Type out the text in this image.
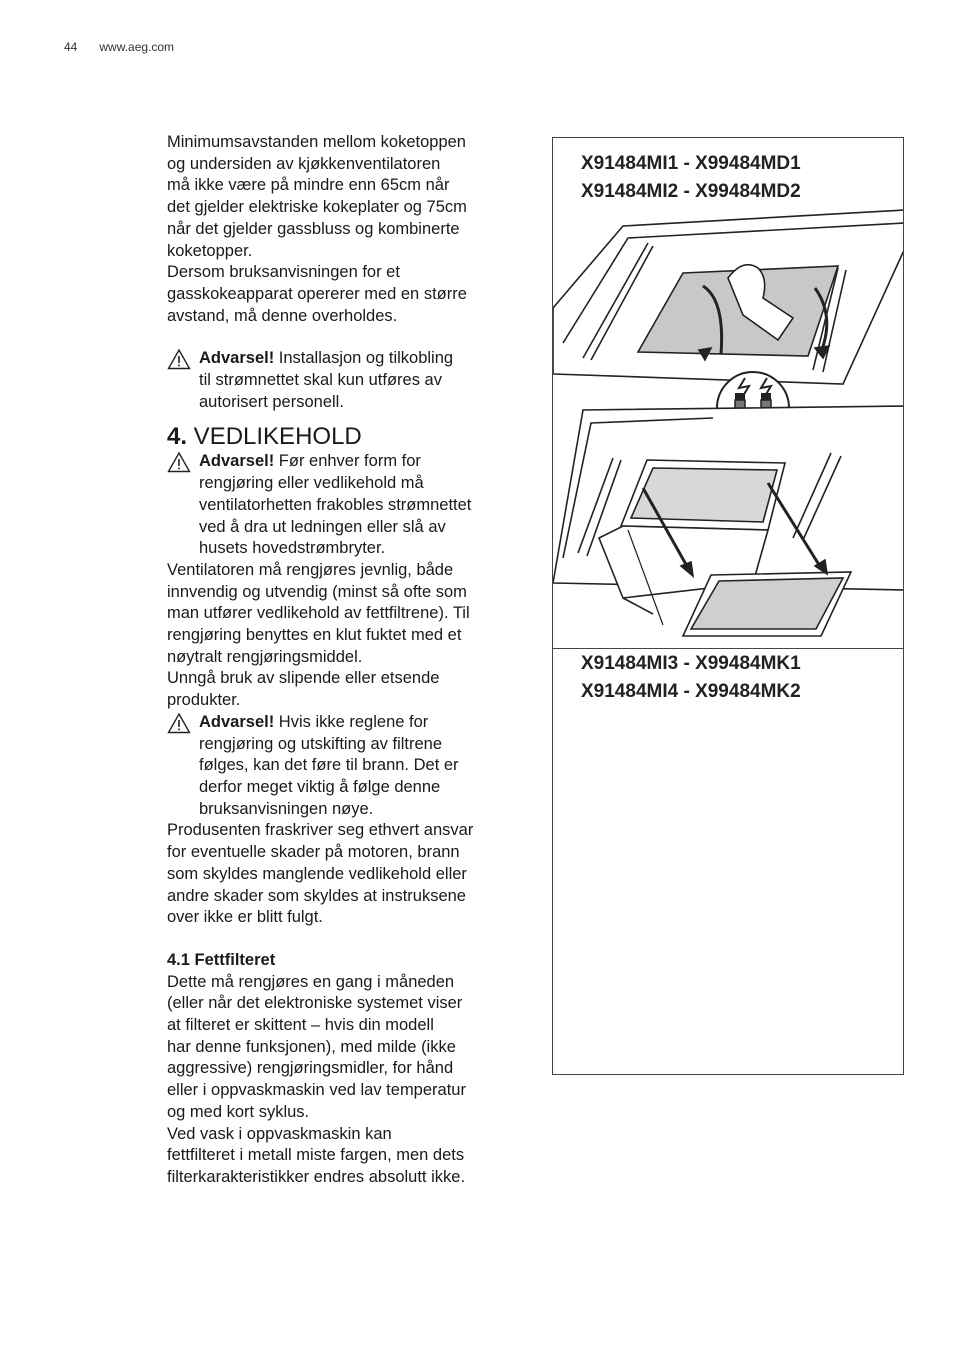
44 www.aeg.com

Minimumsavstanden mellom koketoppen

og undersiden av kjøkkenventilatoren

må ikke være på mindre enn 65cm når

det gjelder elektriske kokeplater og 75cm

når det gjelder gassbluss og kombinerte

koketopper.

Dersom bruksanvisningen for et

gasskokeapparat opererer med en større

avstand, må denne overholdes.

Advarsel! Installasjon og tilkobling

til strømnettet skal kun utføres av

autorisert personell.

4. VEDLIKEHOLD

Advarsel! Før enhver form for

rengjøring eller vedlikehold må

ventilatorhetten frakobles strømnettet

ved å dra ut ledningen eller slå av

husets hovedstrømbryter.

Ventilatoren må rengjøres jevnlig, både

innvendig og utvendig (minst så ofte som

man utfører vedlikehold av fettfiltrene). Til

rengjøring benyttes en klut fuktet med et

nøytralt rengjøringsmiddel.

Unngå bruk av slipende eller etsende

produkter.

Advarsel! Hvis ikke reglene for

rengjøring og utskifting av filtrene

følges, kan det føre til brann. Det er

derfor meget viktig å følge denne

bruksanvisningen nøye.

Produsenten fraskriver seg ethvert ansvar

for eventuelle skader på motoren, brann

som skyldes manglende vedlikehold eller

andre skader som skyldes at instruksene

over ikke er blitt fulgt.

4.1 Fettfilteret

Dette må rengjøres en gang i måneden

(eller når det elektroniske systemet viser

at filteret er skittent – hvis din modell

har denne funksjonen), med milde (ikke

aggressive) rengjøringsmidler, for hånd

eller i oppvaskmaskin ved lav temperatur

og med kort syklus.

Ved vask i oppvaskmaskin kan

fettfilteret i metall miste fargen, men dets

filterkarakteristikker endres absolutt ikke.

X91484MI1 - X99484MD1
X91484MI2 - X99484MD2
X91484MI3 - X99484MK1
X91484MI4 - X99484MK2
